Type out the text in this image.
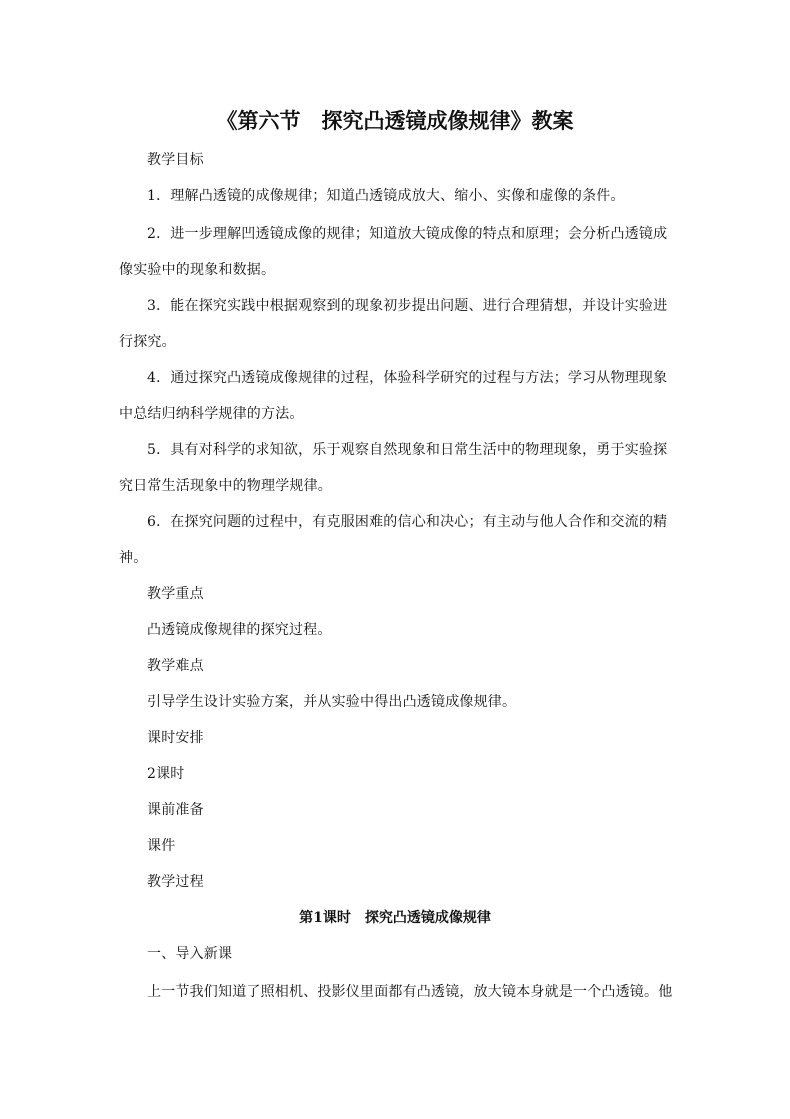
《第六节　探究凸透镜成像规律》教案
教学目标
1．理解凸透镜的成像规律；知道凸透镜成放大、缩小、实像和虚像的条件。
2．进一步理解凹透镜成像的规律；知道放大镜成像的特点和原理；会分析凸透镜成
像实验中的现象和数据。
3．能在探究实践中根据观察到的现象初步提出问题、进行合理猜想，并设计实验进
行探究。
4．通过探究凸透镜成像规律的过程，体验科学研究的过程与方法；学习从物理现象
中总结归纳科学规律的方法。
5．具有对科学的求知欲，乐于观察自然现象和日常生活中的物理现象，勇于实验探
究日常生活现象中的物理学规律。
6．在探究问题的过程中，有克服困难的信心和决心；有主动与他人合作和交流的精
神。
教学重点
凸透镜成像规律的探究过程。
教学难点
引导学生设计实验方案，并从实验中得出凸透镜成像规律。
课时安排
2课时
课前准备
课件
教学过程
第1课时　探究凸透镜成像规律
一、导入新课
上一节我们知道了照相机、投影仪里面都有凸透镜，放大镜本身就是一个凸透镜。他
